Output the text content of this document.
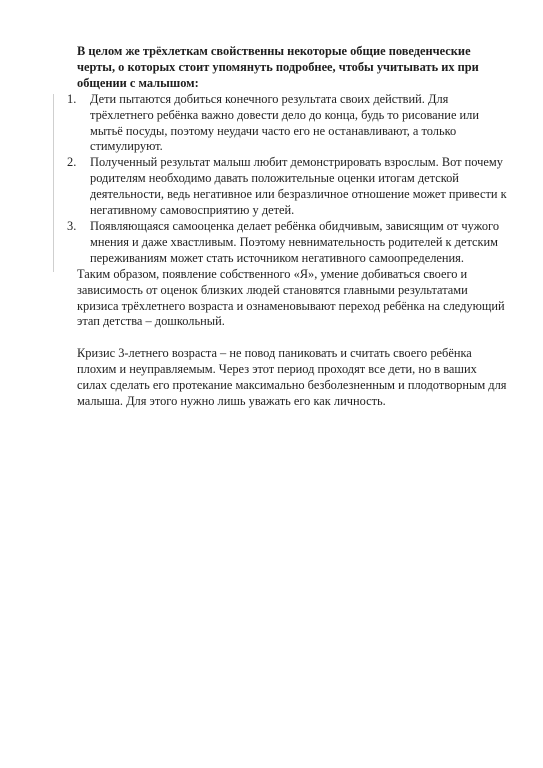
В целом же трёхлеткам свойственны некоторые общие поведенческие черты, о которых стоит упомянуть подробнее, чтобы учитывать их при общении с малышом:

1.	Дети пытаются добиться конечного результата своих действий. Для трёхлетнего ребёнка важно довести дело до конца, будь то рисование или мытьё посуды, поэтому неудачи часто его не останавливают, а только стимулируют.
2.	Полученный результат малыш любит демонстрировать взрослым. Вот почему родителям необходимо давать положительные оценки итогам детской деятельности, ведь негативное или безразличное отношение может привести к негативному самовосприятию у детей.
3.	Появляющаяся самооценка делает ребёнка обидчивым, зависящим от чужого мнения и даже хвастливым. Поэтому невнимательность родителей к детским переживаниям может стать источником негативного самоопределения.

Таким образом, появление собственного «Я», умение добиваться своего и зависимость от оценок близких людей становятся главными результатами кризиса трёхлетнего возраста и ознаменовывают переход ребёнка на следующий этап детства – дошкольный.

Кризис 3-летнего возраста – не повод паниковать и считать своего ребёнка плохим и неуправляемым. Через этот период проходят все дети, но в ваших силах сделать его протекание максимально безболезненным и плодотворным для малыша. Для этого нужно лишь уважать его как личность.
